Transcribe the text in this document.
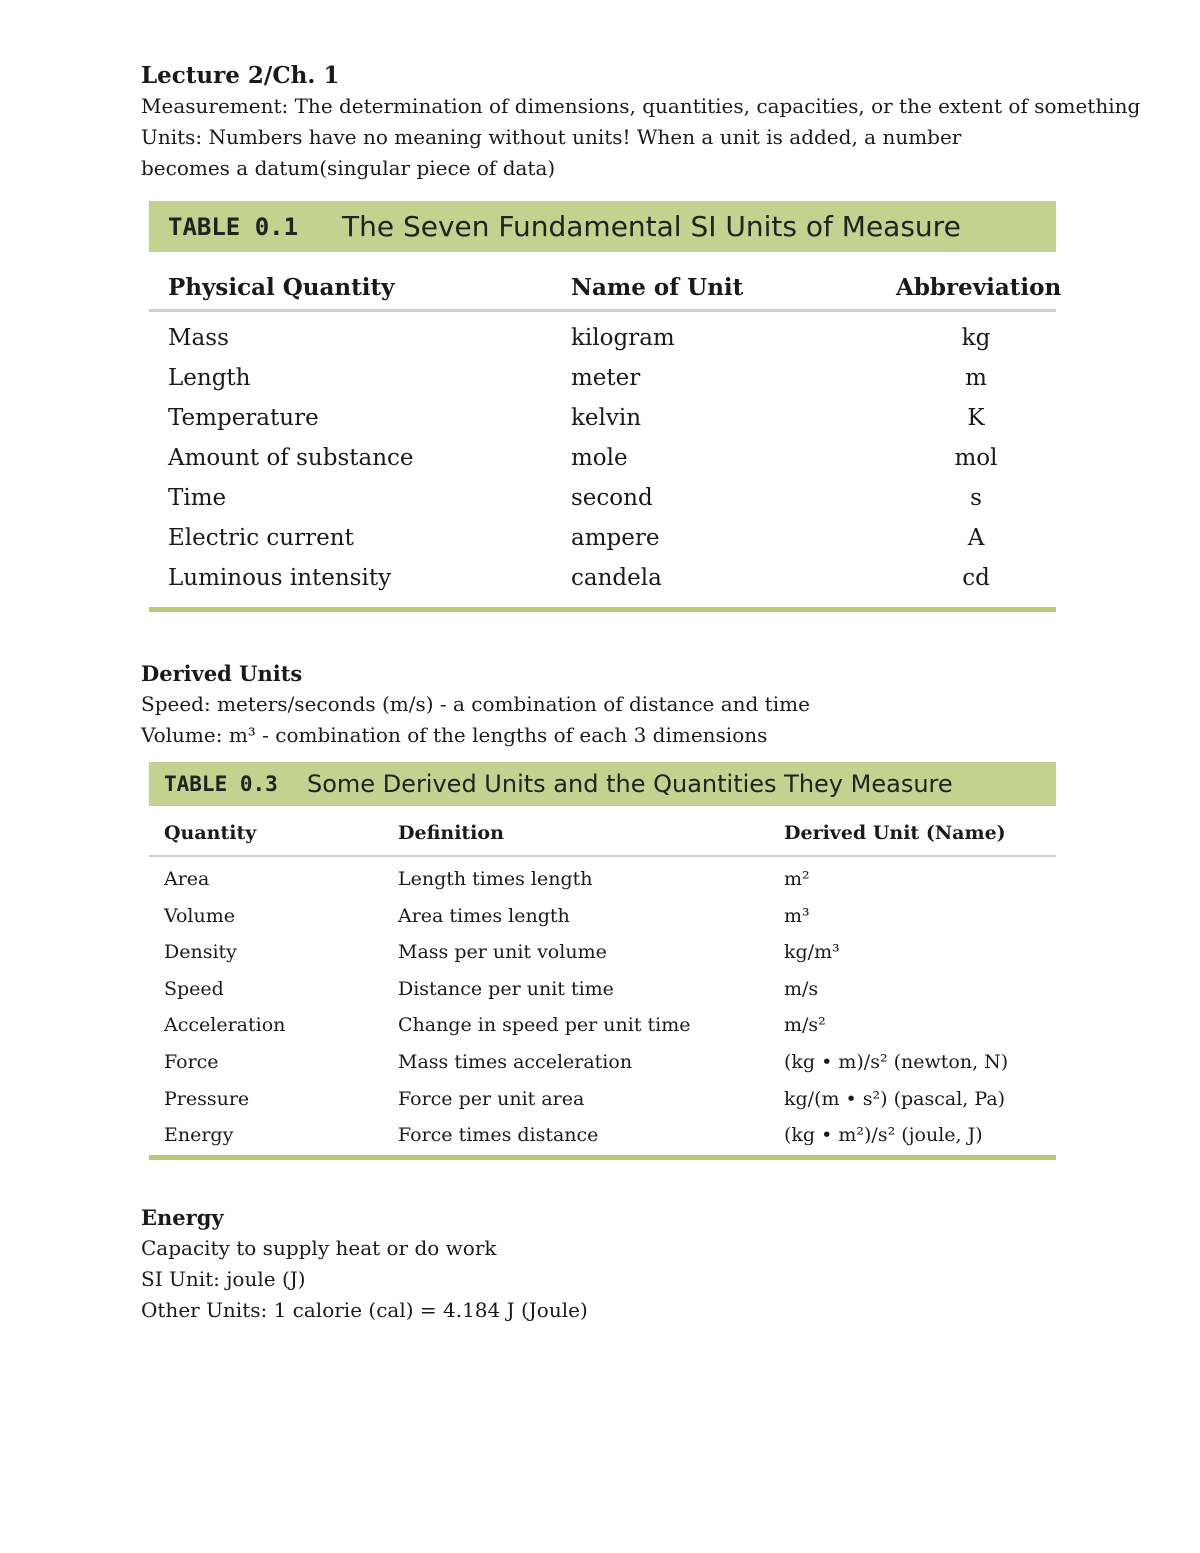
Lecture 2/Ch. 1

Measurement: The determination of dimensions, quantities, capacities, or the extent of something

Units: Numbers have no meaning without units! When a unit is added, a number becomes a datum(singular piece of data)

TABLE 0.1	The Seven Fundamental SI Units of Measure
Physical Quantity	Name of Unit	Abbreviation
Mass	kilogram	kg
Length	meter	m
Temperature	kelvin	K
Amount of substance	mole	mol
Time	second	s
Electric current	ampere	A
Luminous intensity	candela	cd

Derived Units

Speed: meters/seconds (m/s) - a combination of distance and time

Volume: m³ - combination of the lengths of each 3 dimensions

TABLE 0.3	Some Derived Units and the Quantities They Measure
Quantity	Definition	Derived Unit (Name)
Area	Length times length	m²
Volume	Area times length	m³
Density	Mass per unit volume	kg/m³
Speed	Distance per unit time	m/s
Acceleration	Change in speed per unit time	m/s²
Force	Mass times acceleration	(kg • m)/s² (newton, N)
Pressure	Force per unit area	kg/(m • s²) (pascal, Pa)
Energy	Force times distance	(kg • m²)/s² (joule, J)

Energy

Capacity to supply heat or do work

SI Unit: joule (J)

Other Units: 1 calorie (cal) = 4.184 J (Joule)
